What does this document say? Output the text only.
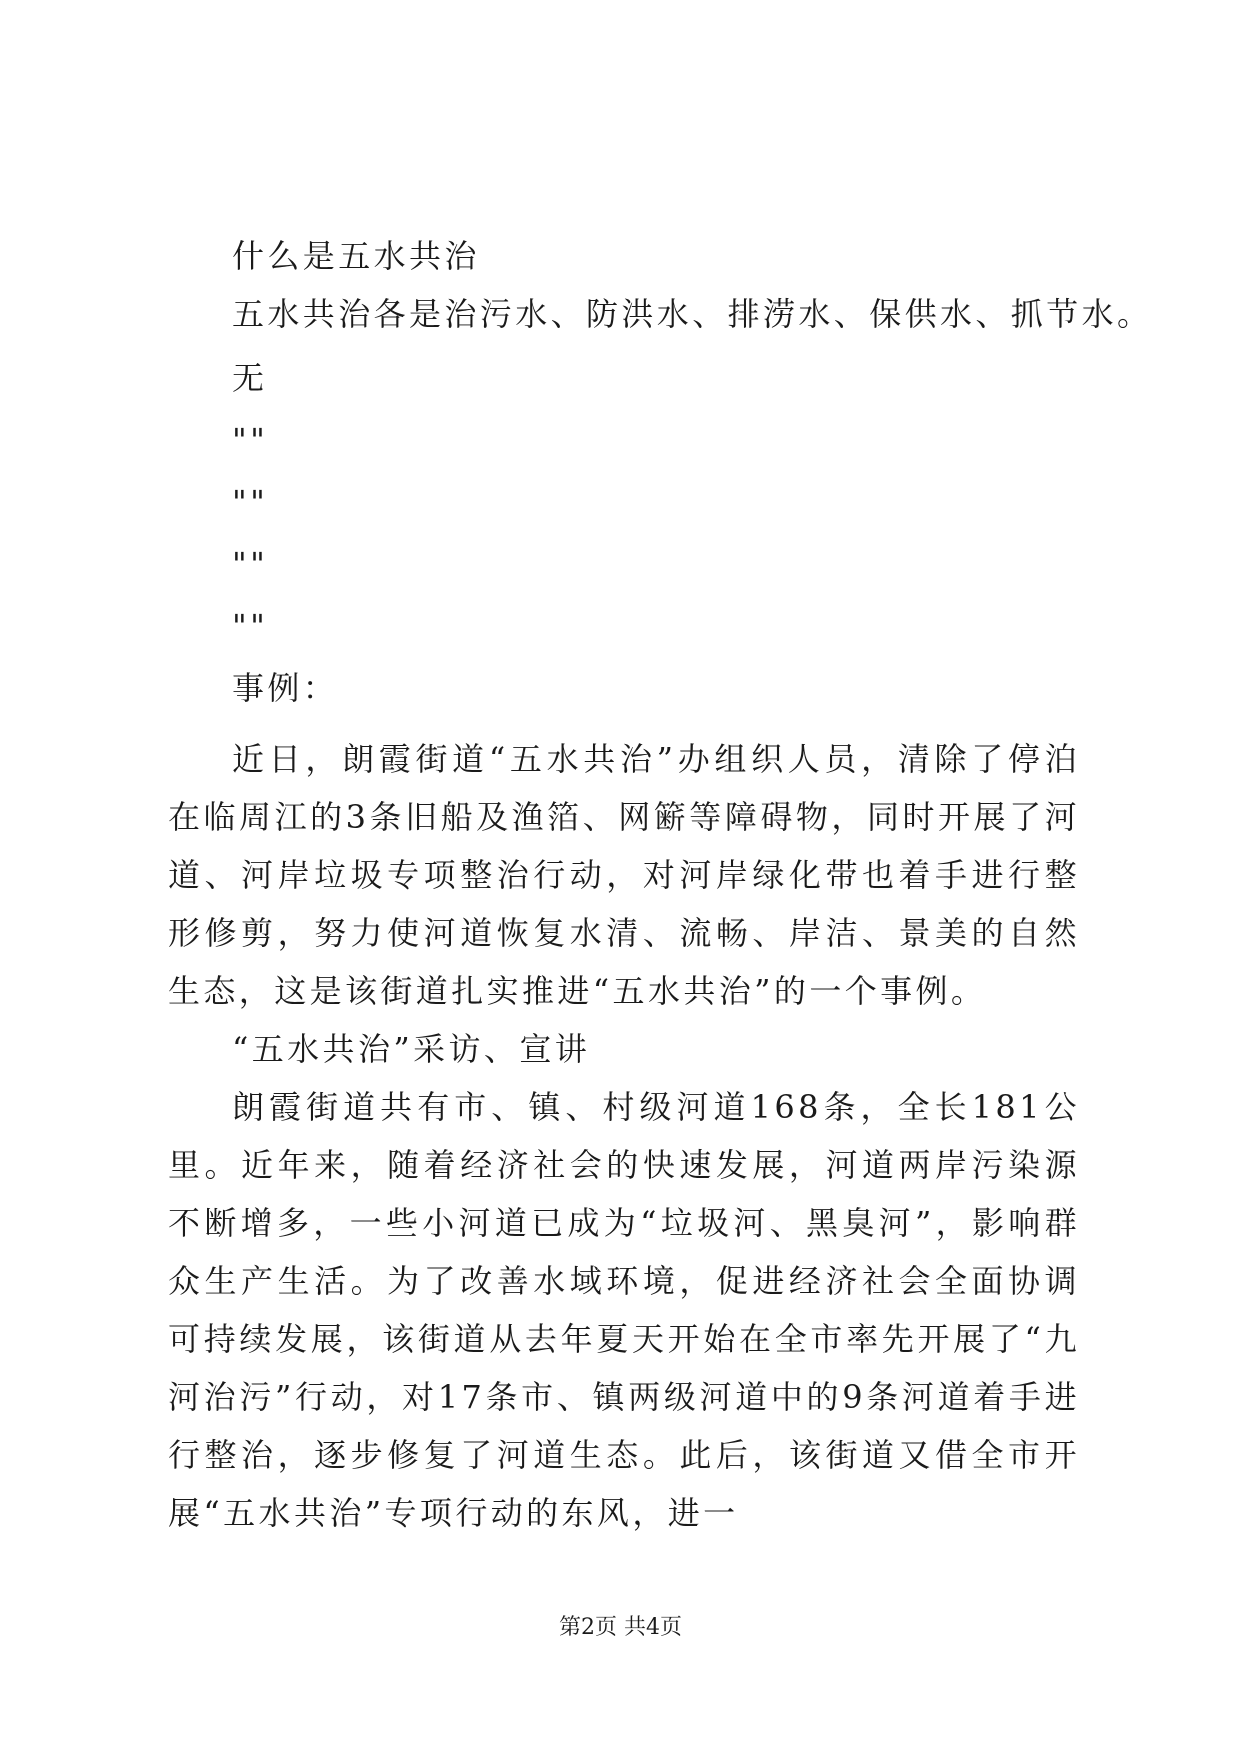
什么是五水共治
五水共治各是治污水、防洪水、排涝水、保供水、抓节水。
无
""
""
""
""
事例：

近日，朗霞街道“五水共治”办组织人员，清除了停泊在临周江的3条旧船及渔箔、网簖等障碍物，同时开展了河道、河岸垃圾专项整治行动，对河岸绿化带也着手进行整形修剪，努力使河道恢复水清、流畅、岸洁、景美的自然生态，这是该街道扎实推进“五水共治”的一个事例。

“五水共治”采访、宣讲

朗霞街道共有市、镇、村级河道168条，全长181公里。近年来，随着经济社会的快速发展，河道两岸污染源不断增多，一些小河道已成为“垃圾河、黑臭河”，影响群众生产生活。为了改善水域环境，促进经济社会全面协调可持续发展，该街道从去年夏天开始在全市率先开展了“九河治污”行动，对17条市、镇两级河道中的9条河道着手进行整治，逐步修复了河道生态。此后，该街道又借全市开展“五水共治”专项行动的东风，进一

第2页 共4页
